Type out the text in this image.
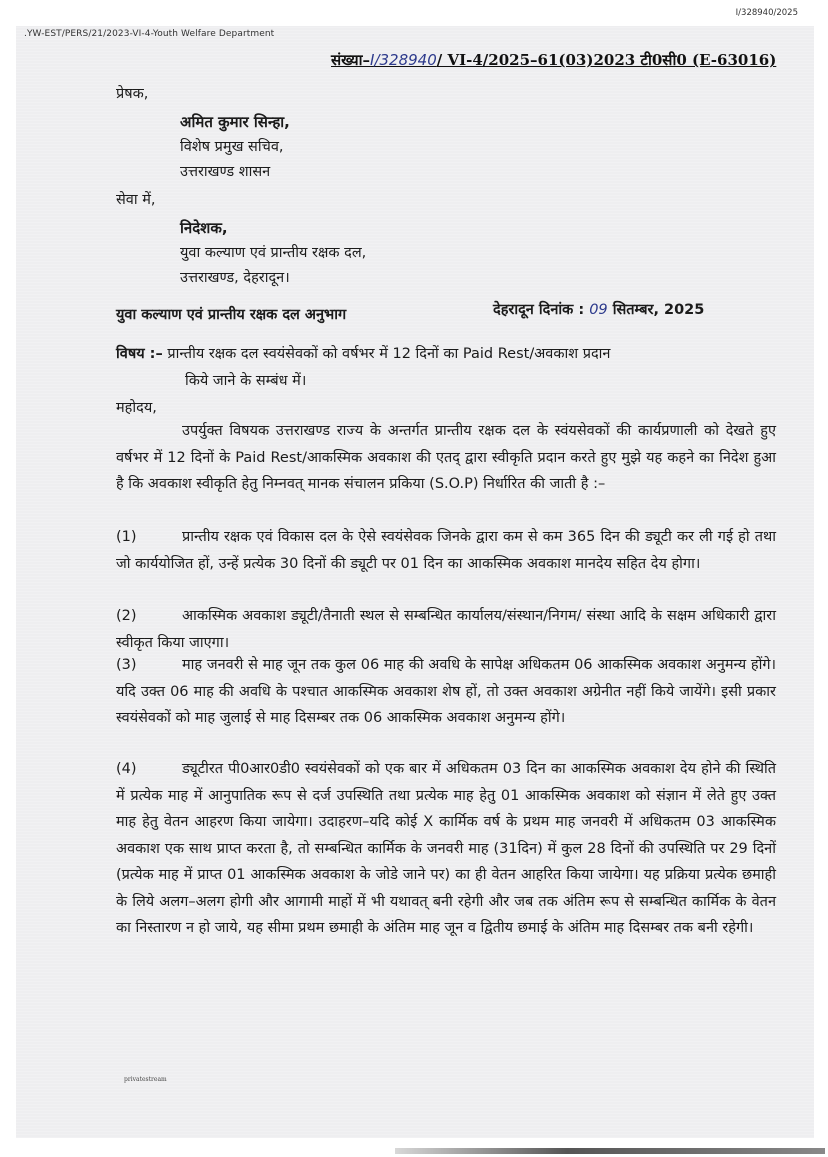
I/328940/2025
.YW-EST/PERS/21/2023-VI-4-Youth Welfare Department
संख्या–I/328940/ VI-4/2025–61(03)2023 टी0सी0 (E-63016)
प्रेषक,
अमित कुमार सिन्हा,
विशेष प्रमुख सचिव,
उत्तराखण्ड शासन
सेवा में,
निदेशक,
युवा कल्याण एवं प्रान्तीय रक्षक दल,
उत्तराखण्ड, देहरादून।
युवा कल्याण एवं प्रान्तीय रक्षक दल अनुभाग	देहरादून दिनांक : 09 सितम्बर, 2025
विषय :– प्रान्तीय रक्षक दल स्वयंसेवकों को वर्षभर में 12 दिनों का Paid Rest/अवकाश प्रदान
किये जाने के सम्बंध में।
महोदय,
उपर्युक्त विषयक उत्तराखण्ड राज्य के अन्तर्गत प्रान्तीय रक्षक दल के स्वंयसेवकों की कार्यप्रणाली को देखते हुए वर्षभर में 12 दिनों के Paid Rest/आकस्मिक अवकाश की एतद् द्वारा स्वीकृति प्रदान करते हुए मुझे यह कहने का निदेश हुआ है कि अवकाश स्वीकृति हेतु निम्नवत् मानक संचालन प्रकिया (S.O.P) निर्धारित की जाती है :–
(1)	प्रान्तीय रक्षक एवं विकास दल के ऐसे स्वयंसेवक जिनके द्वारा कम से कम 365 दिन की ड्यूटी कर ली गई हो तथा जो कार्ययोजित हों, उन्हें प्रत्येक 30 दिनों की ड्यूटी पर 01 दिन का आकस्मिक अवकाश मानदेय सहित देय होगा।
(2)	आकस्मिक अवकाश ड्यूटी/तैनाती स्थल से सम्बन्धित कार्यालय/संस्थान/निगम/ संस्था आदि के सक्षम अधिकारी द्वारा स्वीकृत किया जाएगा।
(3)	माह जनवरी से माह जून तक कुल 06 माह की अवधि के सापेक्ष अधिकतम 06 आकस्मिक अवकाश अनुमन्य होंगे। यदि उक्त 06 माह की अवधि के पश्चात आकस्मिक अवकाश शेष हों, तो उक्त अवकाश अग्रेनीत नहीं किये जायेंगे। इसी प्रकार स्वयंसेवकों को माह जुलाई से माह दिसम्बर तक 06 आकस्मिक अवकाश अनुमन्य होंगे।
(4)	ड्यूटीरत पी0आर0डी0 स्वयंसेवकों को एक बार में अधिकतम 03 दिन का आकस्मिक अवकाश देय होने की स्थिति में प्रत्येक माह में आनुपातिक रूप से दर्ज उपस्थिति तथा प्रत्येक माह हेतु 01 आकस्मिक अवकाश को संज्ञान में लेते हुए उक्त माह हेतु वेतन आहरण किया जायेगा। उदाहरण–यदि कोई X कार्मिक वर्ष के प्रथम माह जनवरी में अधिकतम 03 आकस्मिक अवकाश एक साथ प्राप्त करता है, तो सम्बन्धित कार्मिक के जनवरी माह (31दिन) में कुल 28 दिनों की उपस्थिति पर 29 दिनों (प्रत्येक माह में प्राप्त 01 आकस्मिक अवकाश के जोडे जाने पर) का ही वेतन आहरित किया जायेगा। यह प्रक्रिया प्रत्येक छमाही के लिये अलग–अलग होगी और आगामी माहों में भी यथावत् बनी रहेगी और जब तक अंतिम रूप से सम्बन्धित कार्मिक के वेतन का निस्तारण न हो जाये, यह सीमा प्रथम छमाही के अंतिम माह जून व द्वितीय छमाई के अंतिम माह दिसम्बर तक बनी रहेगी।
privatestream
